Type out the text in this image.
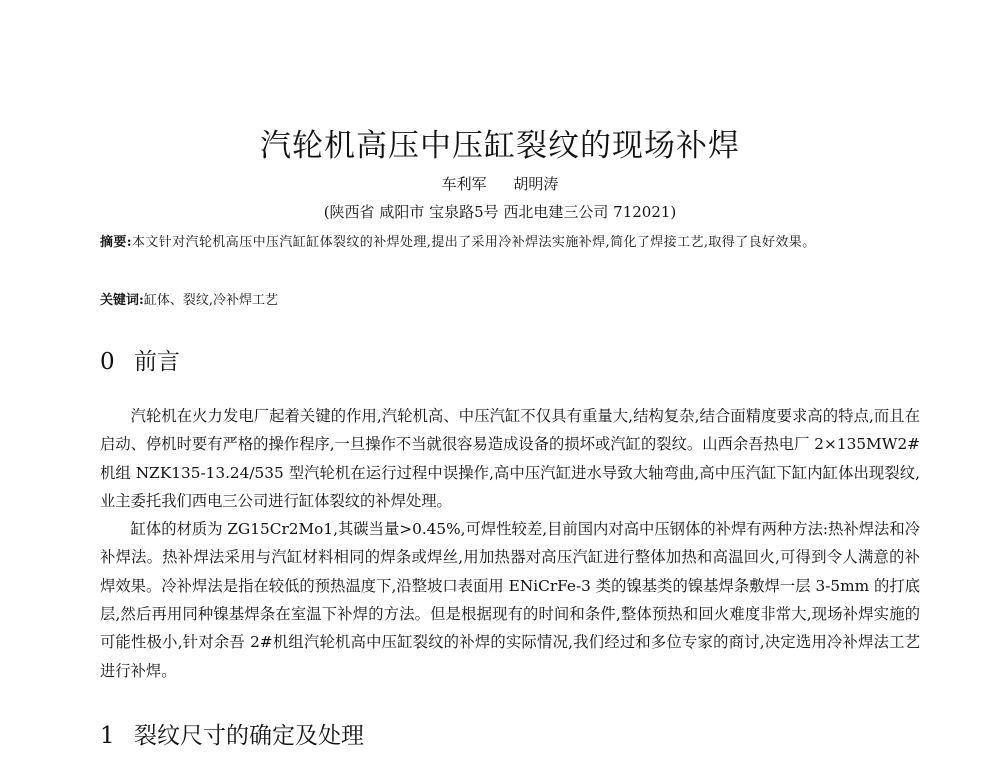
汽轮机高压中压缸裂纹的现场补焊
车利军 胡明涛
(陕西省 咸阳市 宝泉路5号 西北电建三公司 712021)
摘要:本文针对汽轮机高压中压汽缸缸体裂纹的补焊处理,提出了采用冷补焊法实施补焊,简化了焊接工艺,取得了良好效果。
关键词:缸体、裂纹,冷补焊工艺
0 前言

汽轮机在火力发电厂起着关键的作用,汽轮机高、中压汽缸不仅具有重量大,结构复杂,结合面精度要求高的特点,而且在启动、停机时要有严格的操作程序,一旦操作不当就很容易造成设备的损坏或汽缸的裂纹。山西余吾热电厂 2×135MW2#机组 NZK135-13.24/535 型汽轮机在运行过程中误操作,高中压汽缸进水导致大轴弯曲,高中压汽缸下缸内缸体出现裂纹,业主委托我们西电三公司进行缸体裂纹的补焊处理。

缸体的材质为 ZG15Cr2Mo1,其碳当量>0.45%,可焊性较差,目前国内对高中压钢体的补焊有两种方法:热补焊法和冷补焊法。热补焊法采用与汽缸材料相同的焊条或焊丝,用加热器对高压汽缸进行整体加热和高温回火,可得到令人满意的补焊效果。冷补焊法是指在较低的预热温度下,沿整坡口表面用 ENiCrFe-3 类的镍基类的镍基焊条敷焊一层 3-5mm 的打底层,然后再用同种镍基焊条在室温下补焊的方法。但是根据现有的时间和条件,整体预热和回火难度非常大,现场补焊实施的可能性极小,针对余吾 2#机组汽轮机高中压缸裂纹的补焊的实际情况,我们经过和多位专家的商讨,决定选用冷补焊法工艺进行补焊。

1 裂纹尺寸的确定及处理
